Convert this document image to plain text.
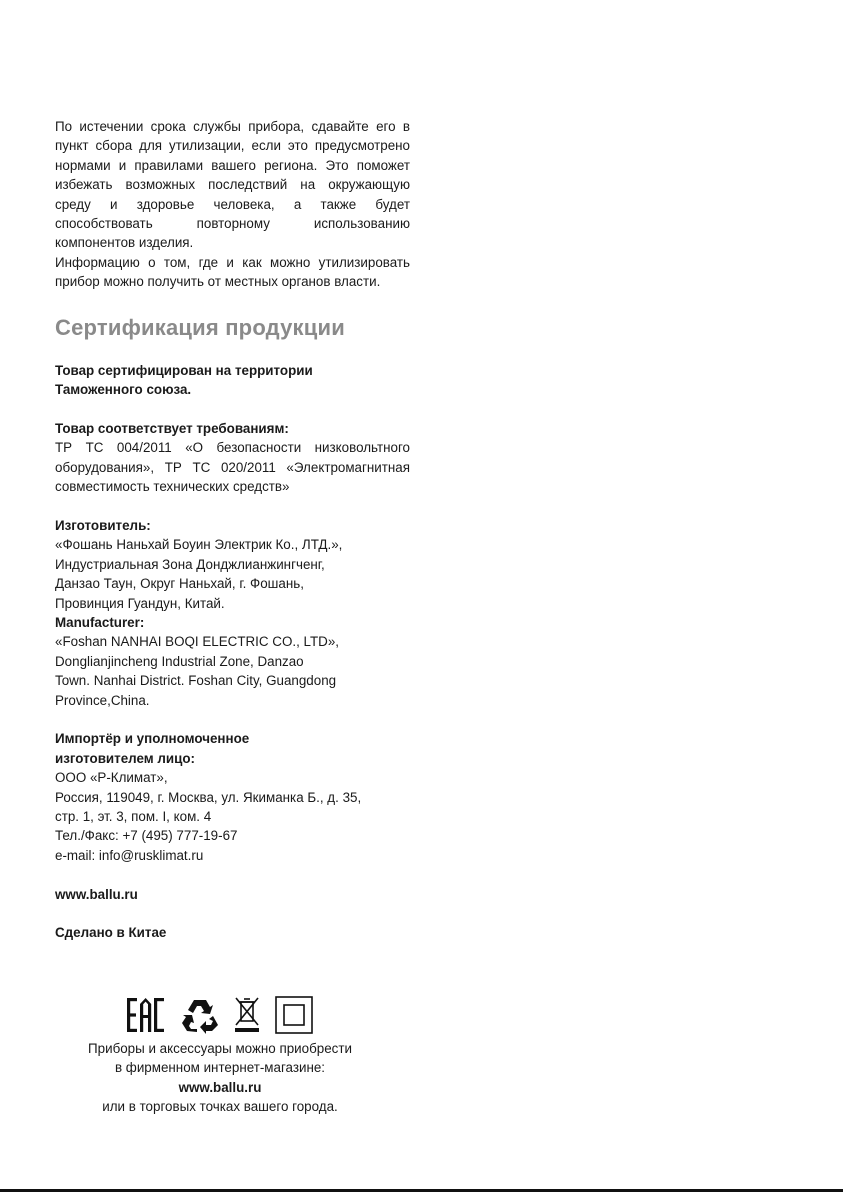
По истечении срока службы прибора, сдавайте его в пункт сбора для утилизации, если это предусмотрено нормами и правилами вашего региона. Это поможет избежать возможных последствий на окружающую среду и здоровье человека, а также будет способствовать повторному использованию компонентов изделия.

Информацию о том, где и как можно утилизировать прибор можно получить от местных органов власти.

Сертификация продукции

Товар сертифицирован на территории
Таможенного союза.

Товар соответствует требованиям:

ТР ТС 004/2011 «О безопасности низковольтного оборудования», ТР ТС 020/2011 «Электромагнитная совместимость технических средств»

Изготовитель:
«Фошань Наньхай Боуин Электрик Ко., ЛТД.»,
Индустриальная Зона Донджлианжингченг,
Данзао Таун, Округ Наньхай, г. Фошань,
Провинция Гуандун, Китай.
Manufacturer:
«Foshan NANHAI BOQI ELECTRIC CO., LTD»,
Donglianjincheng Industrial Zone, Danzao
Town. Nanhai District. Foshan City, Guangdong
Province,China.

Импортёр и уполномоченное
изготовителем лицо:
ООО «Р-Климат»,
Россия, 119049, г. Москва, ул. Якиманка Б., д. 35,
стр. 1, эт. 3, пом. I, ком. 4
Тел./Факс: +7 (495) 777-19-67
e-mail: info@rusklimat.ru

www.ballu.ru

Сделано в Китае

Приборы и аксессуары можно приобрести
в фирменном интернет-магазине:
www.ballu.ru
или в торговых точках вашего города.
